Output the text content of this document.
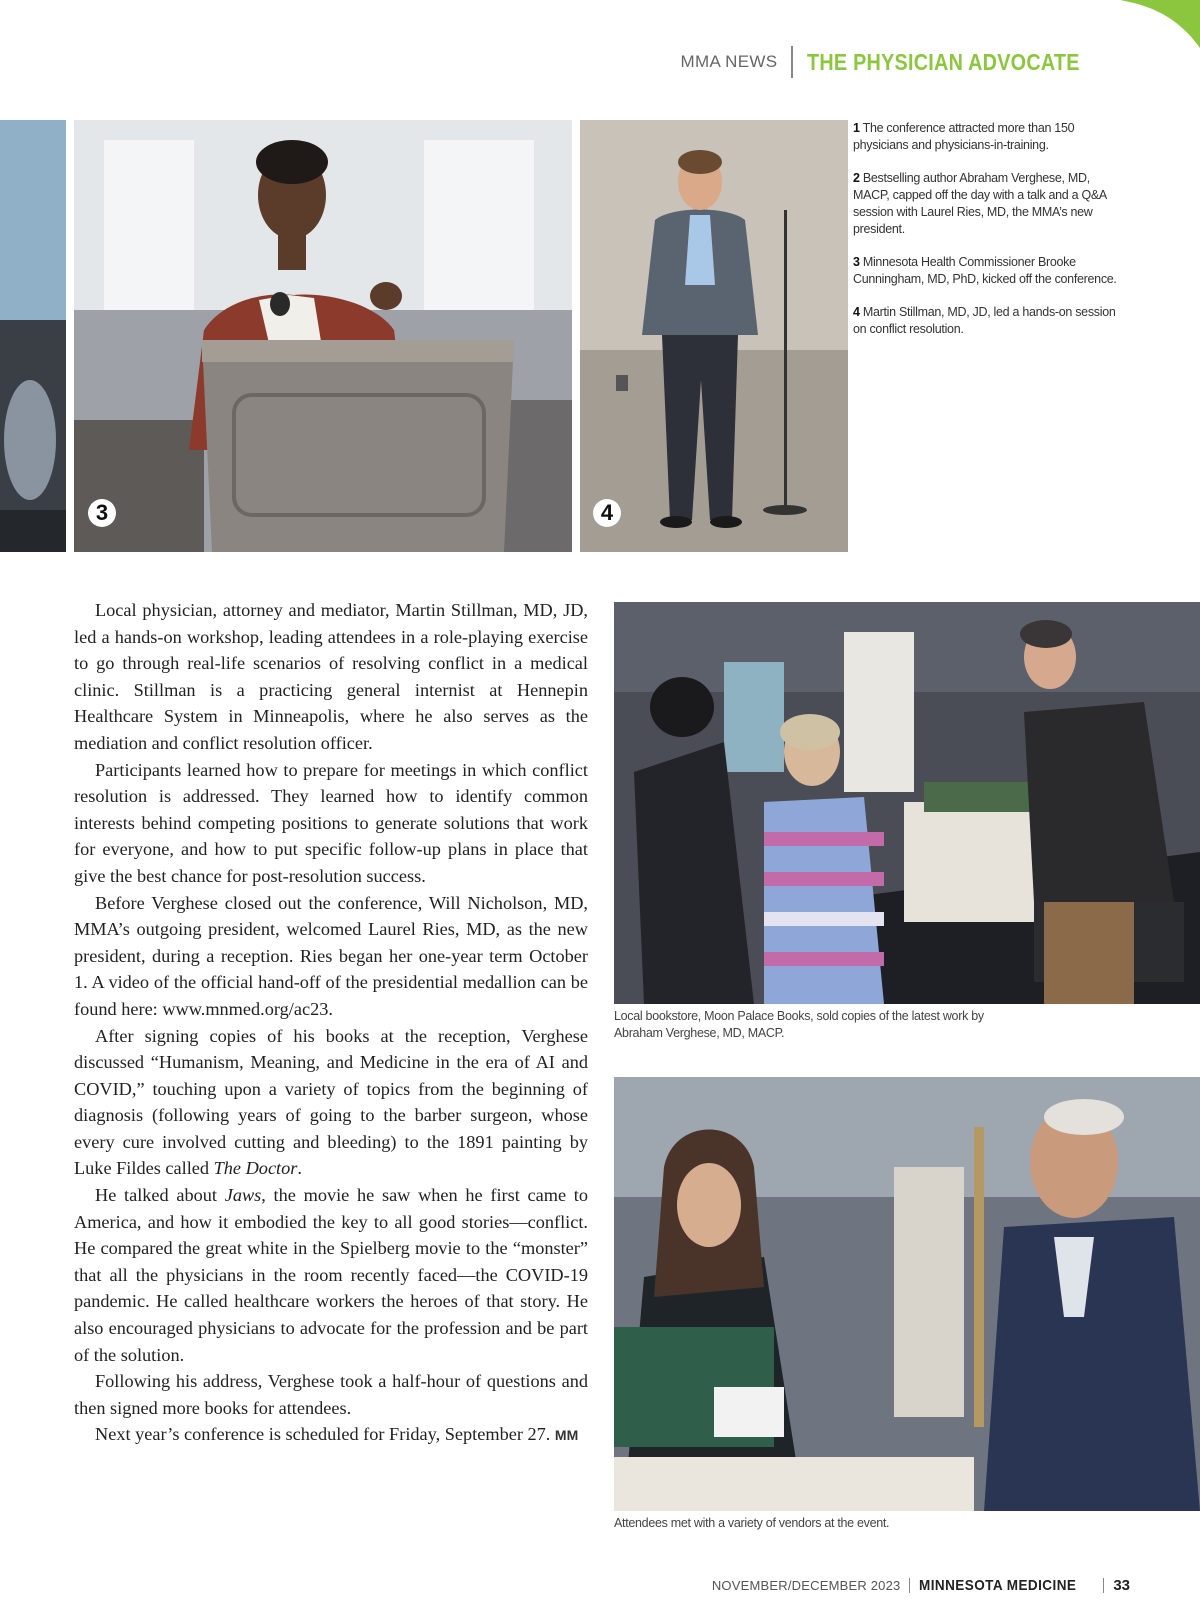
MMA NEWS THE PHYSICIAN ADVOCATE
3	4

1 The conference attracted more than 150 physicians and physicians-in-training.

2 Bestselling author Abraham Verghese, MD, MACP, capped off the day with a talk and a Q&A session with Laurel Ries, MD, the MMA’s new president.

3 Minnesota Health Commissioner Brooke Cunningham, MD, PhD, kicked off the conference.

4 Martin Stillman, MD, JD, led a hands-on session on conflict resolution.

Local physician, attorney and mediator, Martin Stillman, MD, JD, led a hands-on workshop, leading attendees in a role-playing exercise to go through real-life scenarios of resolving conflict in a medical clinic. Stillman is a practicing general internist at Hennepin Healthcare System in Minneapolis, where he also serves as the mediation and conflict resolution officer.

Participants learned how to prepare for meetings in which conflict resolution is addressed. They learned how to identify common interests behind competing positions to generate solutions that work for everyone, and how to put specific follow-up plans in place that give the best chance for post-resolution success.

Before Verghese closed out the conference, Will Nicholson, MD, MMA’s outgoing president, welcomed Laurel Ries, MD, as the new president, during a reception. Ries began her one-year term October 1. A video of the official hand-off of the presidential medallion can be found here: www.mnmed.org/ac23.

After signing copies of his books at the reception, Verghese discussed “Humanism, Meaning, and Medicine in the era of AI and COVID,” touching upon a variety of topics from the beginning of diagnosis (following years of going to the barber surgeon, whose every cure involved cutting and bleeding) to the 1891 painting by Luke Fildes called The Doctor.

He talked about Jaws, the movie he saw when he first came to America, and how it embodied the key to all good stories—conflict. He compared the great white in the Spielberg movie to the “monster” that all the physicians in the room recently faced—the COVID-19 pandemic. He called healthcare workers the heroes of that story. He also encouraged physicians to advocate for the profession and be part of the solution.

Following his address, Verghese took a half-hour of questions and then signed more books for attendees.

Next year’s conference is scheduled for Friday, September 27. MM

Local bookstore, Moon Palace Books, sold copies of the latest work by Abraham Verghese, MD, MACP.
Attendees met with a variety of vendors at the event.
NOVEMBER/DECEMBER 2023 MINNESOTA MEDICINE 33
